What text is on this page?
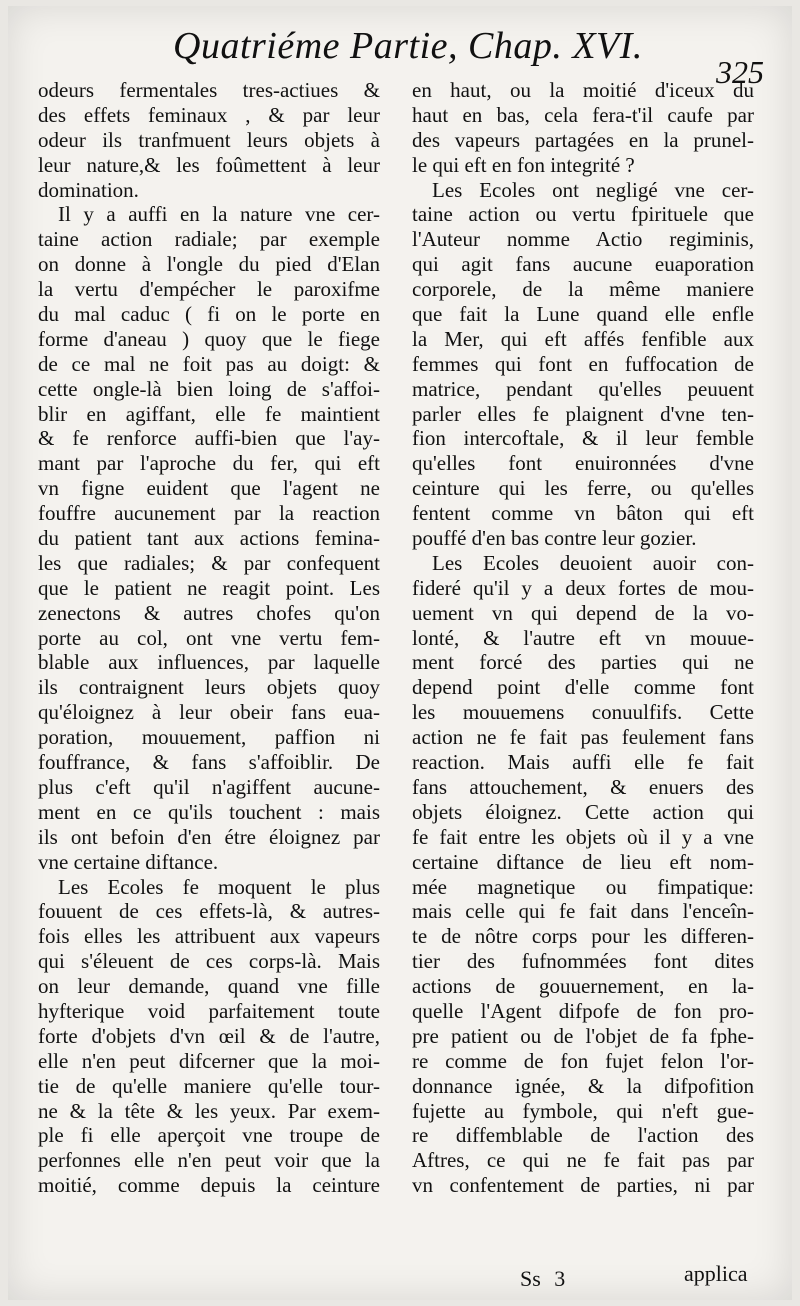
Quatriéme Partie, Chap. XVI.
325
odeurs fermentales tres-actiues &
des effets feminaux , & par leur
odeur ils tranfmuent leurs objets à
leur nature,& les foûmettent à leur
domination.
Il y a auffi en la nature vne cer-
taine action radiale; par exemple
on donne à l'ongle du pied d'Elan
la vertu d'empécher le paroxifme
du mal caduc ( fi on le porte en
forme d'aneau ) quoy que le fiege
de ce mal ne foit pas au doigt: &
cette ongle-là bien loing de s'affoi-
blir en agiffant, elle fe maintient
& fe renforce auffi-bien que l'ay-
mant par l'aproche du fer, qui eft
vn figne euident que l'agent ne
fouffre aucunement par la reaction
du patient tant aux actions femina-
les que radiales; & par confequent
que le patient ne reagit point. Les
zenectons & autres chofes qu'on
porte au col, ont vne vertu fem-
blable aux influences, par laquelle
ils contraignent leurs objets quoy
qu'éloignez à leur obeir fans eua-
poration, mouuement, paffion ni
fouffrance, & fans s'affoiblir. De
plus c'eft qu'il n'agiffent aucune-
ment en ce qu'ils touchent : mais
ils ont befoin d'en étre éloignez par
vne certaine diftance.
Les Ecoles fe moquent le plus
fouuent de ces effets-là, & autres-
fois elles les attribuent aux vapeurs
qui s'éleuent de ces corps-là. Mais
on leur demande, quand vne fille
hyfterique void parfaitement toute
forte d'objets d'vn œil & de l'autre,
elle n'en peut difcerner que la moi-
tie de qu'elle maniere qu'elle tour-
ne & la tête & les yeux. Par exem-
ple fi elle aperçoit vne troupe de
perfonnes elle n'en peut voir que la
moitié, comme depuis la ceinture
en haut, ou la moitié d'iceux du
haut en bas, cela fera-t'il caufe par
des vapeurs partagées en la prunel-
le qui eft en fon integrité ?
Les Ecoles ont negligé vne cer-
taine action ou vertu fpirituele que
l'Auteur nomme Actio regiminis,
qui agit fans aucune euaporation
corporele, de la même maniere
que fait la Lune quand elle enfle
la Mer, qui eft affés fenfible aux
femmes qui font en fuffocation de
matrice, pendant qu'elles peuuent
parler elles fe plaignent d'vne ten-
fion intercoftale, & il leur femble
qu'elles font enuironnées d'vne
ceinture qui les ferre, ou qu'elles
fentent comme vn bâton qui eft
pouffé d'en bas contre leur gozier.
Les Ecoles deuoient auoir con-
fideré qu'il y a deux fortes de mou-
uement vn qui depend de la vo-
lonté, & l'autre eft vn mouue-
ment forcé des parties qui ne
depend point d'elle comme font
les mouuemens conuulfifs. Cette
action ne fe fait pas feulement fans
reaction. Mais auffi elle fe fait
fans attouchement, & enuers des
objets éloignez. Cette action qui
fe fait entre les objets où il y a vne
certaine diftance de lieu eft nom-
mée magnetique ou fimpatique:
mais celle qui fe fait dans l'enceîn-
te de nôtre corps pour les differen-
tier des fufnommées font dites
actions de gouuernement, en la-
quelle l'Agent difpofe de fon pro-
pre patient ou de l'objet de fa fphe-
re comme de fon fujet felon l'or-
donnance ignée, & la difpofition
fujette au fymbole, qui n'eft gue-
re diffemblable de l'action des
Aftres, ce qui ne fe fait pas par
vn confentement de parties, ni par
Ss 3	applica
